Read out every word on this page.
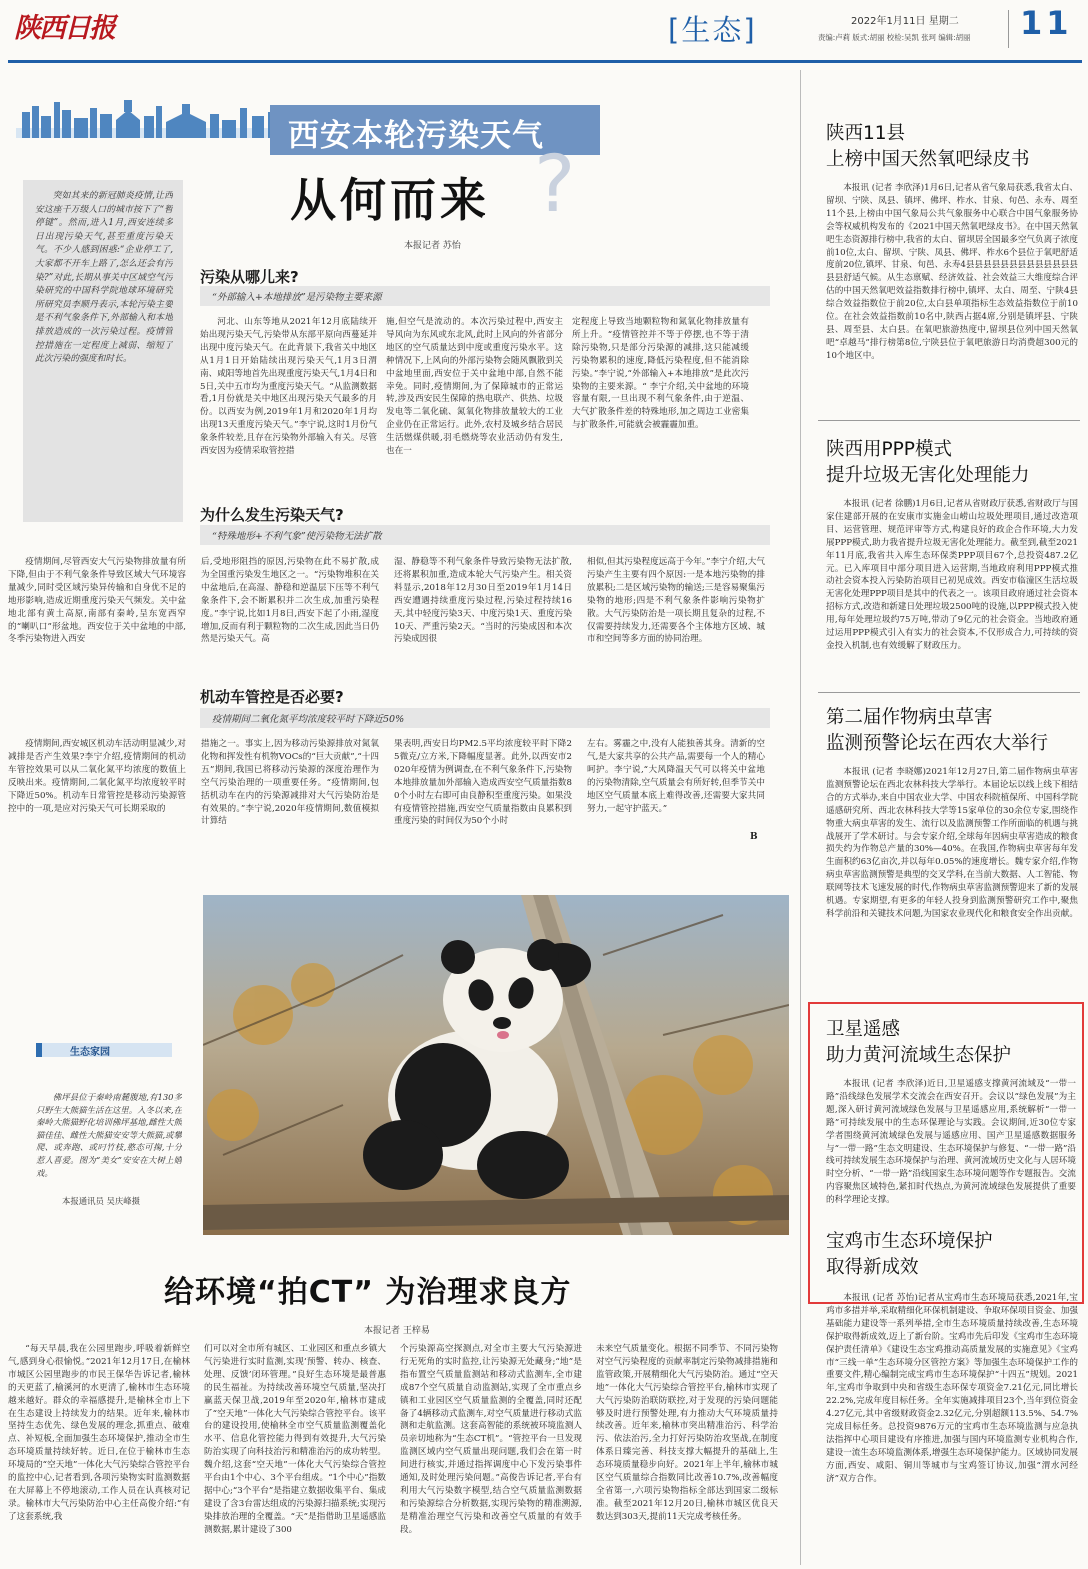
陕西日报	[生态]	2022年1月11日 星期二
责编:卢莉 版式:胡丽 校检:吴凯 张珂 编辑:胡丽 11
西安本轮污染天气
从何而来 ?
本报记者 苏怡
突如其来的新冠肺炎疫情,让西安这座千万级人口的城市按下了“暂停键”。然而,进入1月,西安连续多日出现污染天气,甚至重度污染天气。不少人感到困惑:“企业停工了,大家都不开车上路了,怎么还会有污染?”对此,长期从事关中区域空气污染研究的中国科学院地球环境研究所研究员李顺丹表示,本轮污染主要是不利气象条件下,外部输入和本地排放造成的一次污染过程。疫情管控措施在一定程度上减弱、缩短了此次污染的强度和时长。
污染从哪儿来?
“外部输入+本地排放”是污染物主要来源

河北、山东等地从2021年12月底陆续开始出现污染天气,污染带从东部平原向西蔓延并出现中度污染天气。在此背景下,我省关中地区从1月1日开始陆续出现污染天气,1月3日渭南、咸阳等地首先出现重度污染天气,1月4日和5日,关中五市均为重度污染天气。“从监测数据看,1月份就是关中地区出现污染天气最多的月份。以西安为例,2019年1月和2020年1月均出现13天重度污染天气。”李宁说,这时1月份气象条件较差,且存在污染物外部输入有关。尽管西安因为疫情采取管控措

施,但空气是流动的。本次污染过程中,西安主导风向为东风或东北风,此时上风向的外省部分地区的空气质量达到中度或重度污染水平。这种情况下,上风向的外部污染物会随风飘散到关中盆地里面,西安位于关中盆地中部,自然不能幸免。同时,疫情期间,为了保障城市的正常运转,涉及西安民生保障的热电联产、供热、垃圾发电等二氧化硫、氮氧化物排放量较大的工业企业仍在正常运行。此外,农村及城乡结合居民生活燃煤供暖,羽毛燃烧等农业活动仍有发生,也在一

定程度上导致当地颗粒物和氮氧化物排放量有所上升。“疫情管控并不等于停摆,也不等于清除污染物,只是部分污染源的减排,这只能减缓污染物累积的速度,降低污染程度,但不能消除污染。”李宁说,“外部输入+本地排放”是此次污染物的主要来源。“ 李宁介绍,关中盆地的环境容量有限,一旦出现不利气象条件,由于逆温、大气扩散条件差的特殊地形,加之周边工业密集与扩散条件,可能就会被霾霾加重。

为什么发生污染天气?
“特殊地形+不利气象”使污染物无法扩散

疫情期间,尽管西安大气污染物排放量有所下降,但由于不利气象条件导致区域大气环境容量减少,同时受区域污染异传输和自身优不足的地形影响,造成近期重度污染天气频发。关中盆地北部有黄土高原,南部有秦岭,呈东宽西窄的“喇叭口”形盆地。西安位于关中盆地的中部,冬季污染物进入西安

后,受地形阻挡的原因,污染物在此不易扩散,成为全国重污染发生地区之一。“污染物堆积在关中盆地后,在高湿、静稳和逆温层下压等不利气象条件下,会不断累积并二次生成,加重污染程度。”李宁说,比如1月8日,西安下起了小雨,湿度增加,反而有利于颗粒物的二次生成,因此当日仍然是污染天气。高

湿、静稳等不利气象条件导致污染物无法扩散,还将累积加重,造成本轮大气污染产生。相关资料显示,2018年12月30日至2019年1月14日西安遭遇持续重度污染过程,污染过程持续16天,其中轻度污染3天、中度污染1天、重度污染10天、严重污染2天。“当时的污染成因和本次污染成因很

相似,但其污染程度远高于今年。”李宁介绍,大气污染产生主要有四个原因:一是本地污染物的排放累积;二是区域污染物的输送;三是容易聚集污染物的地形;四是不利气象条件影响污染物扩散。大气污染防治是一项长期且复杂的过程,不仅需要持续发力,还需要各个主体地方区域、城市和空间等多方面的协同治理。

机动车管控是否必要?
疫情期间二氧化氮平均浓度较平时下降近50%

疫情期间,西安城区机动车活动明显减少,对减排是否产生效果?李宁介绍,疫情期间的机动车管控效果可以从二氧化氮平均浓度的数值上反映出来。疫情期间,二氧化氮平均浓度较平时下降近50%。机动车日常管控是移动污染源管控中的一项,是应对污染天气可长期采取的

措施之一。事实上,因为移动污染源排放对氮氧化物和挥发性有机物VOCs的“巨大贡献”,“十四五”期间,我国已将移动污染源的深度治理作为空气污染治理的一项重要任务。“疫情期间,包括机动车在内的污染源减排对大气污染防治是有效果的。”李宁说,2020年疫情期间,数值模拟计算结

果表明,西安日均PM2.5平均浓度较平时下降25微克/立方米,下降幅度显著。此外,以西安市2020年疫情为例调查,在不利气象条件下,污染物本地排放量加外部输入造成西安空气质量指数80个小时左右即可由良静积至重度污染。如果没有疫情管控措施,西安空气质量指数由良累积到重度污染的时间仅为50个小时

左右。雾霾之中,没有人能独善其身。清新的空气,是大家共享的公共产品,需要每一个人的精心呵护。李宁说,“大风降温天气可以将关中盆地的污染物清除,空气质量会有所好转,但季节关中地区空气质量本底上难得改善,还需要大家共同努力,一起守护蓝天。”

B
生态家园
佛坪县位于秦岭南麓腹地,有130多只野生大熊猫生活在这里。入冬以来,在秦岭大熊猫野化培训佛坪基地,雌性大熊猫佳佳、雌性大熊猫安安等大熊猫,或攀爬、或奔跑、或叼竹枝,憨态可掬,十分惹人喜爱。图为“美女”安安在大树上嬉戏。
本报通讯员 吴庆峰摄
给环境“拍CT” 为治理求良方
本报记者 王梓易

“每天早晨,我在公园里跑步,呼吸着新鲜空气,感到身心很愉悦。”2021年12月17日,在榆林市城区公园里跑步的市民王保华告诉记者,榆林的天更蓝了,榆溪河的水更清了,榆林市生态环境越来越好。群众的幸福感提升,是榆林全市上下在生态建设上持续发力的结果。近年来,榆林市坚持生态优先、绿色发展的理念,抓重点、破难点、补短板,全面加强生态环境保护,推动全市生态环境质量持续好转。近日,在位于榆林市生态环境局的“空天地”一体化大气污染综合管控平台的监控中心,记者看到,各项污染物实时监测数据在大屏幕上不停地滚动,工作人员在认真核对记录。榆林市大气污染防治中心主任高俊介绍:“有了这套系统,我

们可以对全市所有城区、工业园区和重点乡镇大气污染进行实时监测,实现‘预警、转办、核查、处理、反馈’闭环管理。”良好生态环境是最普惠的民生福祉。为持续改善环境空气质量,坚决打赢蓝天保卫战,2019年至2020年,榆林市建成了“空天地”一体化大气污染综合管控平台。该平台的建设投用,使榆林全市空气质量监测覆盖化水平、信息化管控能力得到有效提升,大气污染防治实现了向科技治污和精准治污的成功转型。魏介绍,这套“空天地”一体化大气污染综合管控平台由1个中心、3个平台组成。“1个中心”指数据中心;“3个平台”是指建立数据收集平台、集成建设了含3台雷达组成的污染源扫描系统;实现污染排放治理的全覆盖。“天”是指借助卫星遥感监测数据,累计建设了300

个污染源高空探测点,对全市主要大气污染源进行无死角的实时监控,让污染源无处藏身;“地”是指布置空气质量监测站和移动式监测车,全市建成87个空气质量自动监测站,实现了全市重点乡镇和工业园区空气质量监测的全覆盖,同时还配备了4辆移动式监测车,对空气质量进行移动式监测和走航监测。这套高智能的系统被环境监测人员亲切地称为“生态CT机”。“管控平台一旦发现监测区域内空气质量出现问题,我们会在第一时间进行核实,并通过指挥调度中心下发污染事件通知,及时处理污染问题。”高俊告诉记者,平台有利用大气污染数字模型,结合空气质量监测数据和污染源综合分析数据,实现污染物的精准溯源,是精准治理空气污染和改善空气质量的有效手段。

未来空气质量变化。根据不同季节、不同污染物对空气污染程度的贡献率制定污染物减排措施和监管政策,开展精细化大气污染防治。通过“空天地”一体化大气污染综合管控平台,榆林市实现了大气污染防治联防联控,对于发现的污染问题能够及时进行预警处理,有力推动大气环境质量持续改善。近年来,榆林市突出精准治污、科学治污、依法治污,全力打好污染防治攻坚战,在制度体系日臻完善、科技支撑大幅提升的基础上,生态环境质量稳步向好。2021年上半年,榆林市城区空气质量综合指数同比改善10.7%,改善幅度全省第一,六项污染物指标全部达到国家二级标准。截至2021年12月20日,榆林市城区优良天数达到303天,提前11天完成考核任务。

陕西11县
上榜中国天然氧吧绿皮书

本报讯 (记者 李欣泽)1月6日,记者从省气象局获悉,我省太白、留坝、宁陕、凤县、镇坪、佛坪、柞水、甘泉、旬邑、永寿、周至11个县,上榜由中国气象局公共气象服务中心联合中国气象服务协会等权威机构发布的《2021中国天然氧吧绿皮书》。在中国天然氧吧生态资源排行榜中,我省的太白、留坝居全国最多空气负离子浓度前10位,太白、留坝、宁陕、凤县、佛坪、柞水6个县位于氧吧舒适度前20位,镇坪、甘泉、旬邑、永寿4县县县县县县县县县县县县县县县舒适气候。从生态禀赋、经济效益、社会效益三大维度综合评估的中国天然氧吧效益指数排行榜中,镇坪、太白、周至、宁陕4县综合效益指数位于前20位,太白县单项指标生态效益指数位于前10位。在社会效益指数前10名中,陕西占据4席,分别是镇坪县、宁陕县、周至县、太白县。在氧吧旅游热度中,留坝县位列中国天然氧吧“卓越马”排行榜第8位,宁陕县位于氧吧旅游日均消费超300元的10个地区中。

陕西用PPP模式
提升垃圾无害化处理能力

本报讯 (记者 徐鹏)1月6日,记者从省财政厅获悉,省财政厅与国家住建部开展的在安康市实施金山崂山垃圾处理项目,通过改造项目、运营管理、规范评审等方式,构建良好的政企合作环境,大力发展PPP模式,助力我省提升垃圾无害化处理能力。截至到,截至2021年11月底,我省共入库生态环保类PPP项目67个,总投资487.2亿元。已入库项目中部分项目进入运营期,当地政府利用PPP模式推动社会资本投入污染防治项目已初见成效。西安市临潼区生活垃圾无害化处理PPP项目是其中的代表之一。该项目政府通过社会资本招标方式,改造和新建日处理垃圾2500吨的设施,以PPP模式投入使用,每年处理垃圾约75万吨,带动了9亿元的社会资金。当地政府通过运用PPP模式引入有实力的社会资本,不仅形成合力,可持续的资金投入机制,也有效缓解了财政压力。

第二届作物病虫草害
监测预警论坛在西农大举行

本报讯 (记者 李晓娜)2021年12月27日,第二届作物病虫草害监测预警论坛在西北农林科技大学举行。本届论坛以线上线下相结合的方式举办,来自中国农业大学、中国农科院植保所、中国科学院遥感研究所、西北农林科技大学等15家单位的30余位专家,围绕作物重大病虫草害的发生、流行以及监测预警工作所面临的机遇与挑战展开了学术研讨。与会专家介绍,全球每年因病虫草害造成的粮食损失约为作物总产量的30%—40%。在我国,作物病虫草害每年发生面积约63亿亩次,并以每年0.05%的速度增长。魏专家介绍,作物病虫草害监测预警是典型的交叉学科,在当前大数据、人工智能、物联网等技术飞速发展的时代,作物病虫草害监测预警迎来了新的发展机遇。专家期望,有更多的年轻人投身到监测预警研究工作中,聚焦科学前沿和关键技术问题,为国家农业现代化和粮食安全作出贡献。

卫星遥感
助力黄河流域生态保护

本报讯 (记者 李欣泽)近日,卫星遥感支撑黄河流域及“一带一路”沿线绿色发展学术交流会在西安召开。会议以“绿色发展”为主题,深入研讨黄河流域绿色发展与卫星遥感应用,系统解析“一带一路”可持续发展中的生态环保理论与实践。会议期间,近30位专家学者围绕黄河流域绿色发展与遥感应用、国产卫星遥感数据服务与“一带一路”生态文明建设、生态环境保护与修复、“一带一路”沿线可持续发展生态环境保护与治理、黄河流域历史文化与人居环境时空分析、“一带一路”沿线国家生态环境问题等作专题报告。交流内容聚焦区域特色,紧扣时代热点,为黄河流域绿色发展提供了重要的科学理论支撑。

宝鸡市生态环境保护
取得新成效

本报讯 (记者 苏怡)记者从宝鸡市生态环境局获悉,2021年,宝鸡市多措并举,采取精细化环保机制建设、争取环保项目资金、加强基础能力建设等一系列举措,全市生态环境质量持续改善,生态环境保护取得新成效,迈上了新台阶。宝鸡市先后印发《宝鸡市生态环境保护责任清单》《建设生态宝鸡推动高质量发展的实施意见》《宝鸡市“三线一单”生态环境分区管控方案》等加强生态环境保护工作的重要文件,精心编制完成宝鸡市生态环境保护“十四五”规划。2021年,宝鸡市争取到中央和省级生态环保专项资金7.21亿元,同比增长22.2%,完成年度目标任务。全年实施减排项目23个,当年到位资金4.27亿元,其中省级财政资金2.32亿元,分别超额113.5%、54.7%完成目标任务。总投资9876万元的宝鸡市生态环境监测与应急执法指挥中心项目建设有序推进,加强与国内环境监测专业机构合作,建设一流生态环境监测体系,增强生态环境保护能力。区域协同发展方面,西安、咸阳、铜川等城市与宝鸡签订协议,加强“渭水河经济”双方合作。
